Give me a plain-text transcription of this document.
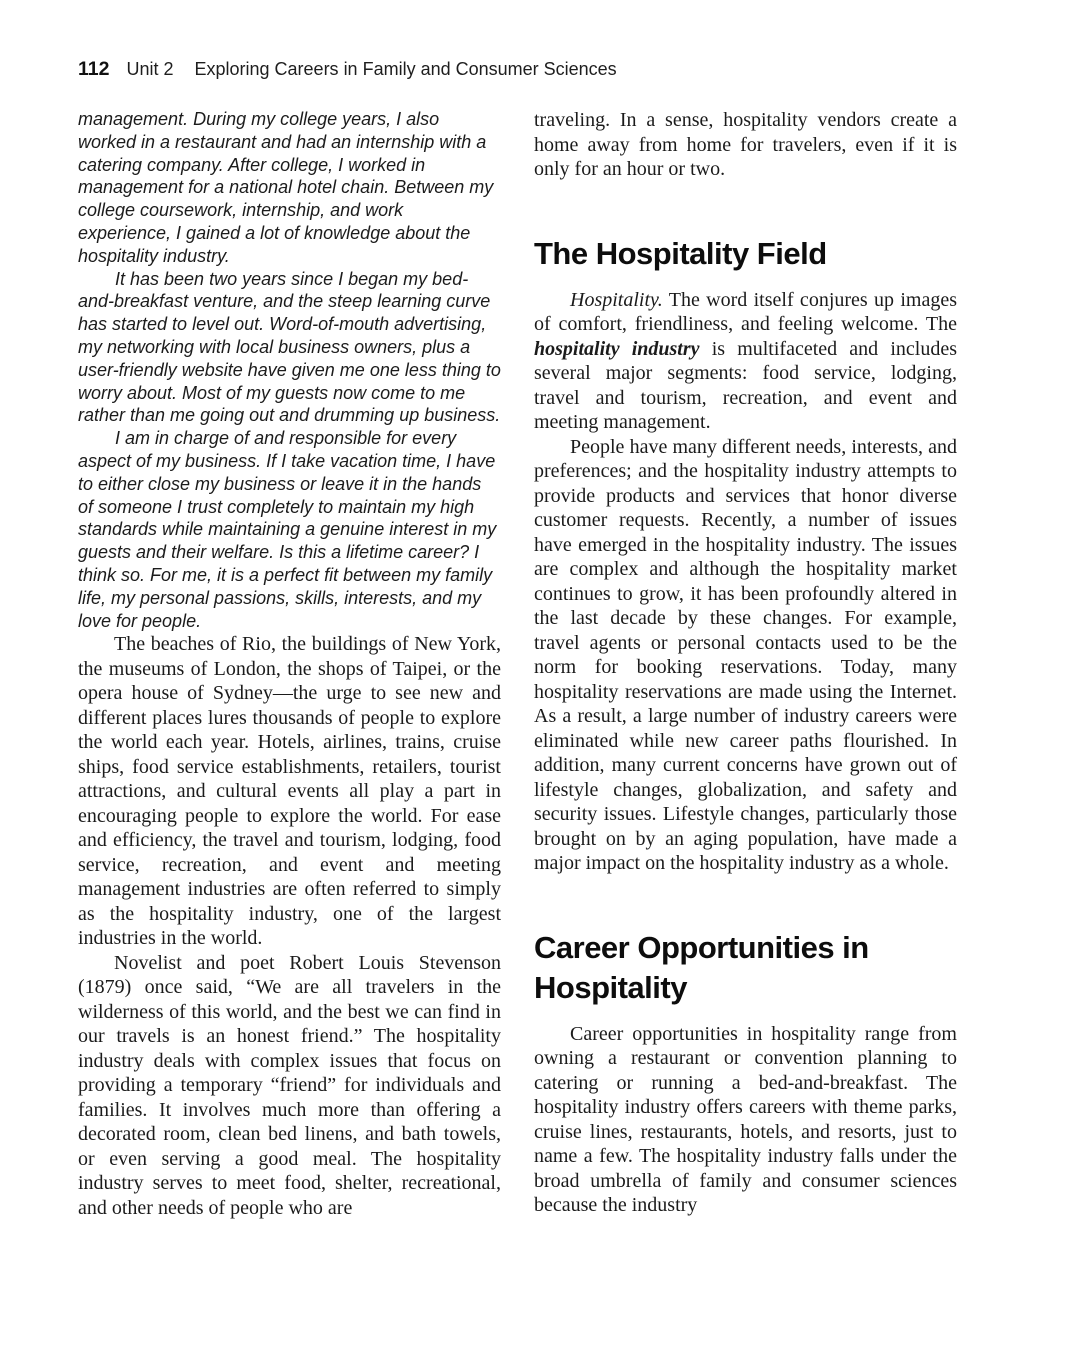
112 Unit 2 Exploring Careers in Family and Consumer Sciences

management. During my college years, I also worked in a restaurant and had an internship with a catering company. After college, I worked in management for a national hotel chain. Between my college coursework, internship, and work experience, I gained a lot of knowledge about the hospitality industry.

It has been two years since I began my bed-and-breakfast venture, and the steep learning curve has started to level out. Word-of-mouth advertising, my networking with local business owners, plus a user-friendly website have given me one less thing to worry about. Most of my guests now come to me rather than me going out and drumming up business.

I am in charge of and responsible for every aspect of my business. If I take vacation time, I have to either close my business or leave it in the hands of someone I trust completely to maintain my high standards while maintaining a genuine interest in my guests and their welfare. Is this a lifetime career? I think so. For me, it is a perfect fit between my family life, my personal passions, skills, interests, and my love for people.

The beaches of Rio, the buildings of New York, the museums of London, the shops of Taipei, or the opera house of Sydney—the urge to see new and different places lures thousands of people to explore the world each year. Hotels, airlines, trains, cruise ships, food service establishments, retailers, tourist attractions, and cultural events all play a part in encouraging people to explore the world. For ease and efficiency, the travel and tourism, lodging, food service, recreation, and event and meeting management industries are often referred to simply as the hospitality industry, one of the largest industries in the world.

Novelist and poet Robert Louis Stevenson (1879) once said, “We are all travelers in the wilderness of this world, and the best we can find in our travels is an honest friend.” The hospitality industry deals with complex issues that focus on providing a temporary “friend” for individuals and families. It involves much more than offering a decorated room, clean bed linens, and bath towels, or even serving a good meal. The hospitality industry serves to meet food, shelter, recreational, and other needs of people who are

traveling. In a sense, hospitality vendors create a home away from home for travelers, even if it is only for an hour or two.

The Hospitality Field

Hospitality. The word itself conjures up images of comfort, friendliness, and feeling welcome. The hospitality industry is multifaceted and includes several major segments: food service, lodging, travel and tourism, recreation, and event and meeting management.

People have many different needs, interests, and preferences; and the hospitality industry attempts to provide products and services that honor diverse customer requests. Recently, a number of issues have emerged in the hospitality industry. The issues are complex and although the hospitality market continues to grow, it has been profoundly altered in the last decade by these changes. For example, travel agents or personal contacts used to be the norm for booking reservations. Today, many hospitality reservations are made using the Internet. As a result, a large number of industry careers were eliminated while new career paths flourished. In addition, many current concerns have grown out of lifestyle changes, globalization, and safety and security issues. Lifestyle changes, particularly those brought on by an aging population, have made a major impact on the hospitality industry as a whole.

Career Opportunities in Hospitality

Career opportunities in hospitality range from owning a restaurant or convention planning to catering or running a bed-and-breakfast. The hospitality industry offers careers with theme parks, cruise lines, restaurants, hotels, and resorts, just to name a few. The hospitality industry falls under the broad umbrella of family and consumer sciences because the industry
